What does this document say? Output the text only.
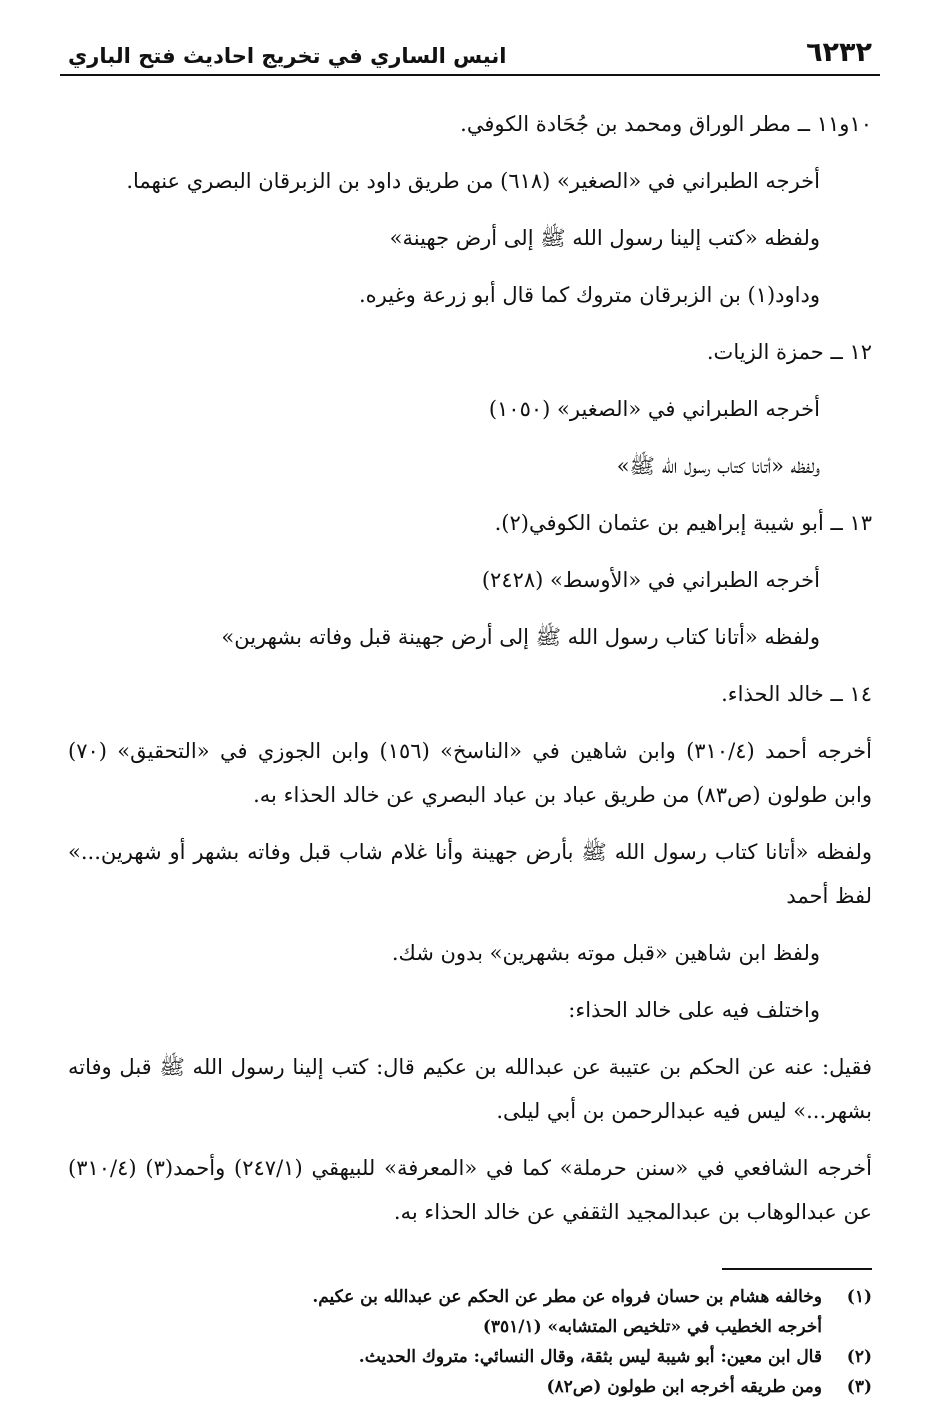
٦٢٣٢
انيس الساري في تخريج احاديث فتح الباري

١٠و١١ ــ مطر الوراق ومحمد بن جُحَادة الكوفي.

أخرجه الطبراني في «الصغير» (٦١٨) من طريق داود بن الزبرقان البصري عنهما.

ولفظه «كتب إلينا رسول الله ﷺ إلى أرض جهينة»

وداود(١) بن الزبرقان متروك كما قال أبو زرعة وغيره.

١٢ ــ حمزة الزيات.

أخرجه الطبراني في «الصغير» (١٠٥٠)

ولفظه «أتانا كتاب رسول الله ﷺ»

١٣ ــ أبو شيبة إبراهيم بن عثمان الكوفي(٢).

أخرجه الطبراني في «الأوسط» (٢٤٢٨)

ولفظه «أتانا كتاب رسول الله ﷺ إلى أرض جهينة قبل وفاته بشهرين»

١٤ ــ خالد الحذاء.

أخرجه أحمد (٣١٠/٤) وابن شاهين في «الناسخ» (١٥٦) وابن الجوزي في «التحقيق» (٧٠) وابن طولون (ص٨٣) من طريق عباد بن عباد البصري عن خالد الحذاء به.

ولفظه «أتانا كتاب رسول الله ﷺ بأرض جهينة وأنا غلام شاب قبل وفاته بشهر أو شهرين...» لفظ أحمد

ولفظ ابن شاهين «قبل موته بشهرين» بدون شك.

واختلف فيه على خالد الحذاء:

فقيل: عنه عن الحكم بن عتيبة عن عبدالله بن عكيم قال: كتب إلينا رسول الله ﷺ قبل وفاته بشهر...» ليس فيه عبدالرحمن بن أبي ليلى.

أخرجه الشافعي في «سنن حرملة» كما في «المعرفة» للبيهقي (٢٤٧/١) وأحمد(٣) (٣١٠/٤) عن عبدالوهاب بن عبدالمجيد الثقفي عن خالد الحذاء به.

(١)
وخالفه هشام بن حسان فرواه عن مطر عن الحكم عن عبدالله بن عكيم.
أخرجه الخطيب في «تلخيص المتشابه» (٣٥١/١)
(٢)
قال ابن معين: أبو شيبة ليس بثقة، وقال النسائي: متروك الحديث.
(٣)
ومن طريقه أخرجه ابن طولون (ص٨٢)
